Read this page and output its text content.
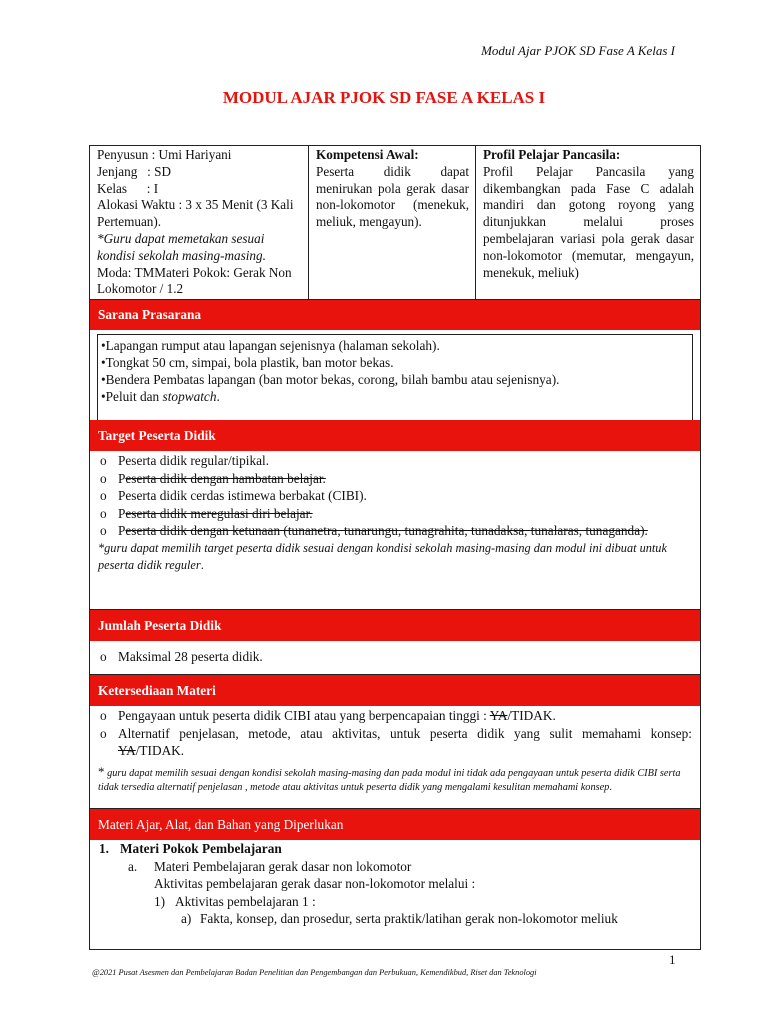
Modul Ajar PJOK SD Fase A Kelas I
MODUL AJAR PJOK SD FASE A KELAS I
Penyusun : Umi Hariyani
Jenjang   : SD
Kelas      : I
Alokasi Waktu : 3 x 35 Menit (3 Kali Pertemuan).
*Guru dapat memetakan sesuai kondisi sekolah masing-masing.
Moda: TMMateri Pokok: Gerak Non Lokomotor / 1.2
Kompetensi Awal:
Peserta didik dapat menirukan pola gerak dasar non-lokomotor (menekuk, meliuk, mengayun).
Profil Pelajar Pancasila:
Profil Pelajar Pancasila yang dikembangkan pada Fase C adalah mandiri dan gotong royong yang ditunjukkan melalui proses pembelajaran variasi pola gerak dasar non-lokomotor (memutar, mengayun, menekuk, meliuk)
Sarana Prasarana
•Lapangan rumput atau lapangan sejenisnya (halaman sekolah).
•Tongkat 50 cm, simpai, bola plastik, ban motor bekas.
•Bendera Pembatas lapangan (ban motor bekas, corong, bilah bambu atau sejenisnya).
•Peluit dan stopwatch.
Target Peserta Didik
o Peserta didik regular/tipikal.
o Peserta didik dengan hambatan belajar.
o Peserta didik cerdas istimewa berbakat (CIBI).
o Peserta didik meregulasi diri belajar.
o Peserta didik dengan ketunaan (tunanetra, tunarungu, tunagrahita, tunadaksa, tunalaras, tunaganda).
*guru dapat memilih target peserta didik sesuai dengan kondisi sekolah masing-masing dan modul ini dibuat untuk peserta didik reguler.
Jumlah Peserta Didik
o Maksimal 28 peserta didik.
Ketersediaan Materi
o Pengayaan untuk peserta didik CIBI atau yang berpencapaian tinggi : YA/TIDAK.
o Alternatif penjelasan, metode, atau aktivitas, untuk peserta didik yang sulit memahami konsep: YA/TIDAK.
* guru dapat memilih sesuai dengan kondisi sekolah masing-masing dan pada modul ini tidak ada pengayaan untuk peserta didik CIBI serta tidak tersedia alternatif penjelasan , metode atau aktivitas untuk peserta didik yang mengalami kesulitan memahami konsep.
Materi Ajar, Alat, dan Bahan yang Diperlukan
1. Materi Pokok Pembelajaran
a.	Materi Pembelajaran gerak dasar non lokomotor
Aktivitas pembelajaran gerak dasar non-lokomotor melalui :
1) Aktivitas pembelajaran 1 :
a) Fakta, konsep, dan prosedur, serta praktik/latihan gerak non-lokomotor meliuk
1
@2021 Pusat Asesmen dan Pembelajaran Badan Penelitian dan Pengembangan dan Perbukuan, Kemendikbud, Riset dan Teknologi
